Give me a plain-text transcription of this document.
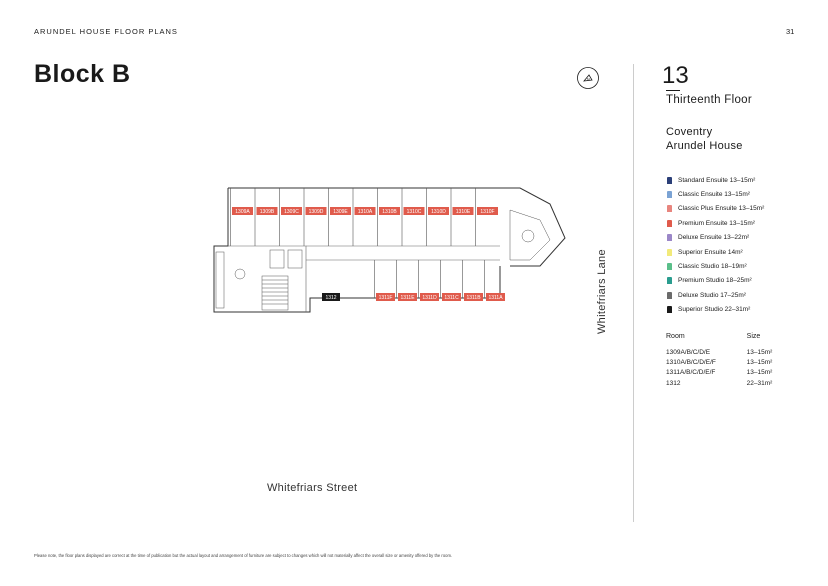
ARUNDEL HOUSE FLOOR PLANS	31
Block B	N	13
Thirteenth Floor
Coventry
Arundel House
Standard Ensuite 13–15m²
Classic Ensuite 13–15m²
Classic Plus Ensuite 13–15m²
Premium Ensuite 13–15m²
Deluxe Ensuite 13–22m²
Superior Ensuite 14m²
Classic Studio 18–19m²
Premium Studio 18–25m²
Deluxe Studio 17–25m²
Superior Studio 22–31m²
Room	Size
1309A/B/C/D/E	13–15m²
1310A/B/C/D/E/F	13–15m²
1311A/B/C/D/E/F	13–15m²
1312	22–31m²
1309A 1309B 1309C 1309D 1309E 1310A 1310B 1310C 1310D 1310E 1310F
1312	1311F 1311E 1311D 1311C 1311B 1311A
Whitefriars Street
Whitefriars Lane
Please note, the floor plans displayed are correct at the time of publication but the actual layout and arrangement of furniture are subject to changes which will not materially affect the overall size or amenity offered by the room.
